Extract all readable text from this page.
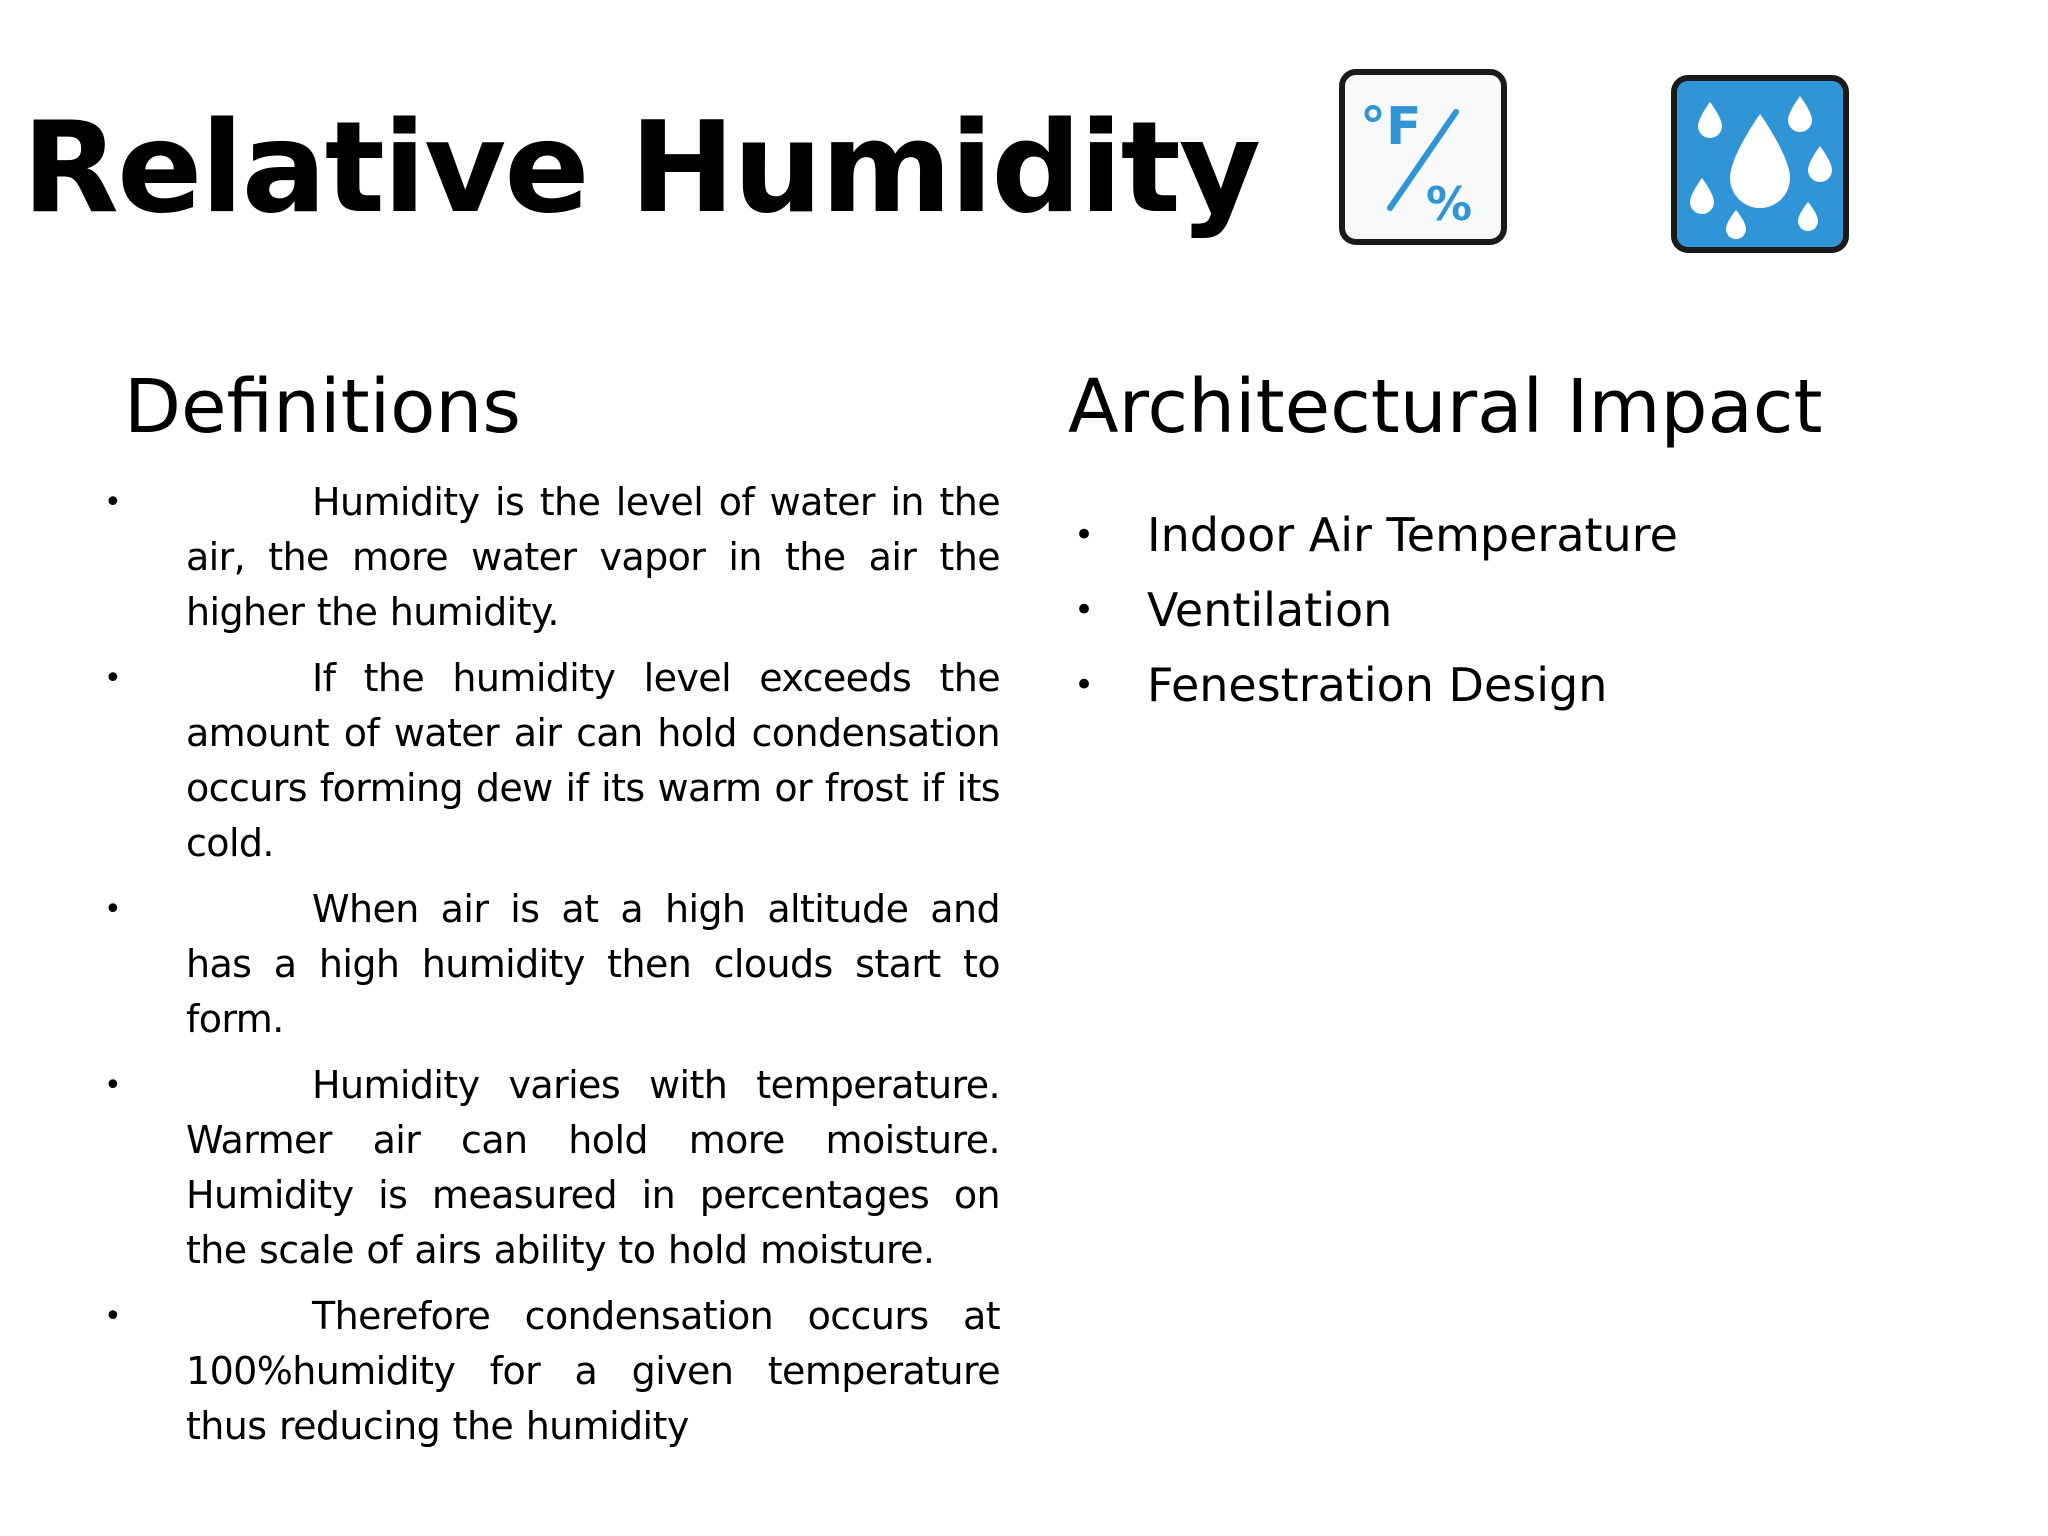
Relative Humidity °F
%
Definitions
•	Humidity is the level of water in the air, the more water vapor in the air the higher the humidity.
•	If the humidity level exceeds the amount of water air can hold condensation occurs forming dew if its warm or frost if its cold.
•	When air is at a high altitude and has a high humidity then clouds start to form.
•	Humidity varies with temperature. Warmer air can hold more moisture. Humidity is measured in percentages on the scale of airs ability to hold moisture.
•	Therefore condensation occurs at 100%humidity for a given temperature thus reducing the humidity
Architectural Impact
• Indoor Air Temperature
• Ventilation
• Fenestration Design
